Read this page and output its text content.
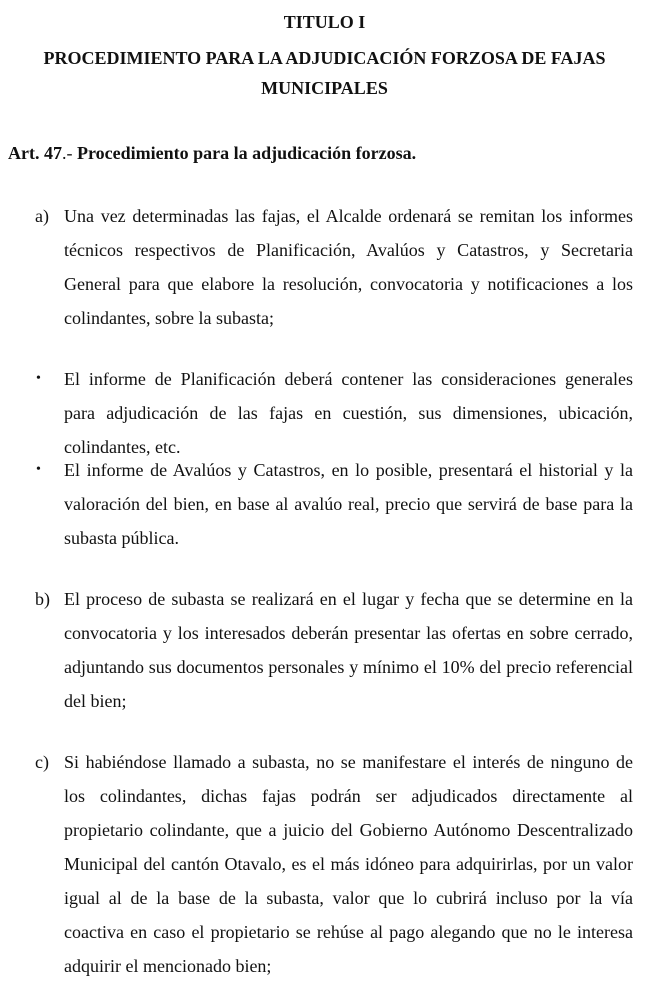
TITULO I
PROCEDIMIENTO PARA LA ADJUDICACIÓN FORZOSA DE FAJAS
MUNICIPALES
Art. 47.- Procedimiento para la adjudicación forzosa.
a) Una vez determinadas las fajas, el Alcalde ordenará se remitan los informes técnicos respectivos de Planificación, Avalúos y Catastros, y Secretaria General para que elabore la resolución, convocatoria y notificaciones a los colindantes, sobre la subasta;
• El informe de Planificación deberá contener las consideraciones generales para adjudicación de las fajas en cuestión, sus dimensiones, ubicación, colindantes, etc.
• El informe de Avalúos y Catastros, en lo posible, presentará el historial y la valoración del bien, en base al avalúo real, precio que servirá de base para la subasta pública.
b) El proceso de subasta se realizará en el lugar y fecha que se determine en la convocatoria y los interesados deberán presentar las ofertas en sobre cerrado, adjuntando sus documentos personales y mínimo el 10% del precio referencial del bien;
c) Si habiéndose llamado a subasta, no se manifestare el interés de ninguno de los colindantes, dichas fajas podrán ser adjudicados directamente al propietario colindante, que a juicio del Gobierno Autónomo Descentralizado Municipal del cantón Otavalo, es el más idóneo para adquirirlas, por un valor igual al de la base de la subasta, valor que lo cubrirá incluso por la vía coactiva en caso el propietario se rehúse al pago alegando que no le interesa adquirir el mencionado bien;
